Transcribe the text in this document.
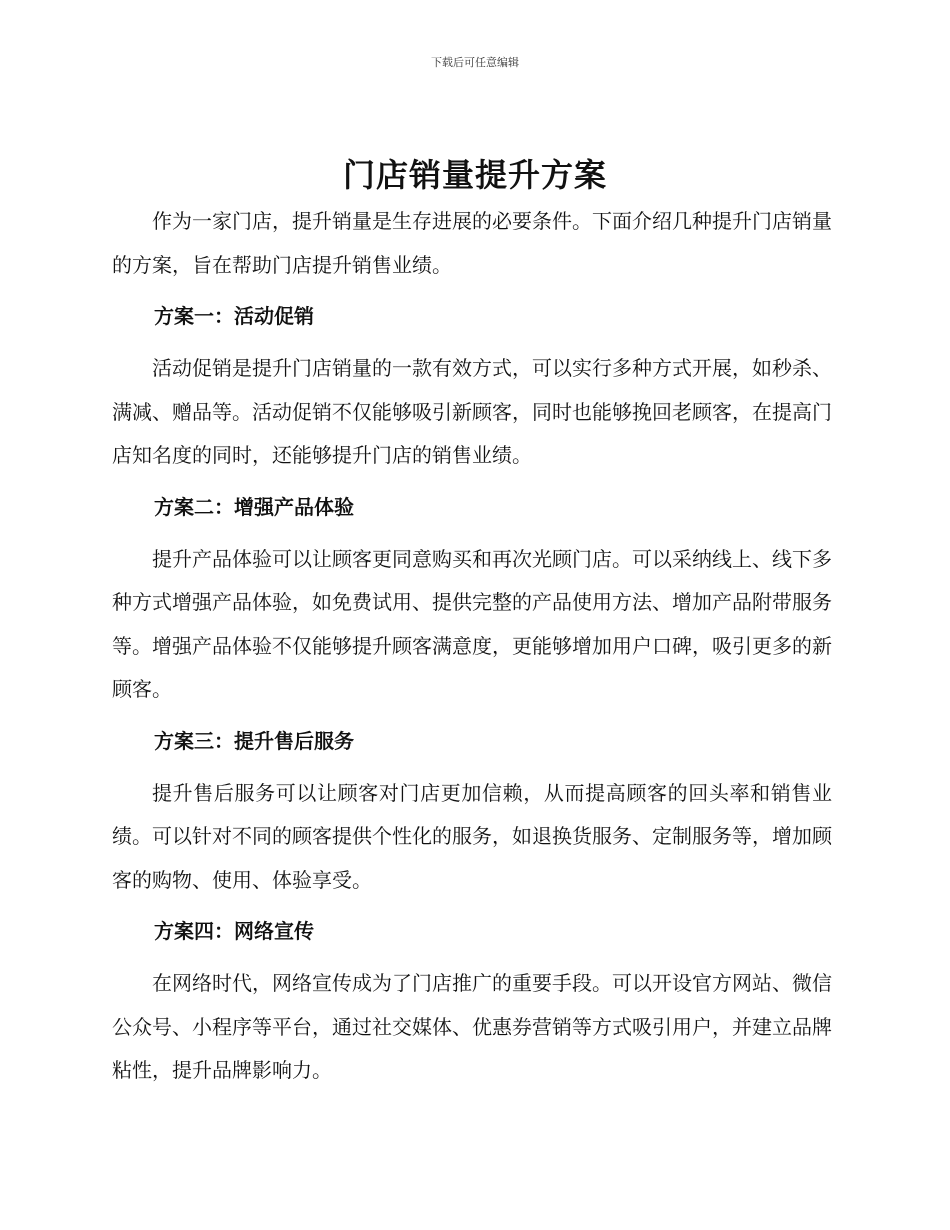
下载后可任意编辑
门店销量提升方案

作为一家门店，提升销量是生存进展的必要条件。下面介绍几种提升门店销量的方案，旨在帮助门店提升销售业绩。

方案一：活动促销

活动促销是提升门店销量的一款有效方式，可以实行多种方式开展，如秒杀、满减、赠品等。活动促销不仅能够吸引新顾客，同时也能够挽回老顾客，在提高门店知名度的同时，还能够提升门店的销售业绩。

方案二：增强产品体验

提升产品体验可以让顾客更同意购买和再次光顾门店。可以采纳线上、线下多种方式增强产品体验，如免费试用、提供完整的产品使用方法、增加产品附带服务等。增强产品体验不仅能够提升顾客满意度，更能够增加用户口碑，吸引更多的新顾客。

方案三：提升售后服务

提升售后服务可以让顾客对门店更加信赖，从而提高顾客的回头率和销售业绩。可以针对不同的顾客提供个性化的服务，如退换货服务、定制服务等，增加顾客的购物、使用、体验享受。

方案四：网络宣传

在网络时代，网络宣传成为了门店推广的重要手段。可以开设官方网站、微信公众号、小程序等平台，通过社交媒体、优惠券营销等方式吸引用户，并建立品牌粘性，提升品牌影响力。
